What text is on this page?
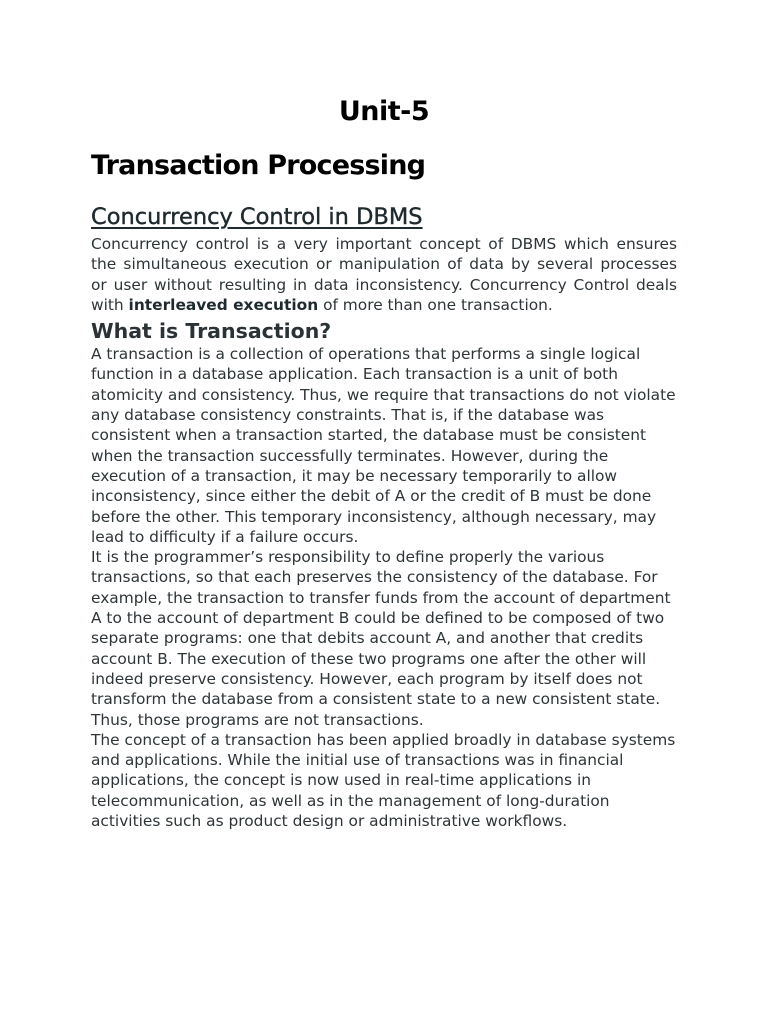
Unit-5
Transaction Processing
Concurrency Control in DBMS

Concurrency control is a very important concept of DBMS which ensures the simultaneous execution or manipulation of data by several processes or user without resulting in data inconsistency. Concurrency Control deals with interleaved execution of more than one transaction.

What is Transaction?

A transaction is a collection of operations that performs a single logical function in a database application. Each transaction is a unit of both atomicity and consistency. Thus, we require that transactions do not violate any database consistency constraints. That is, if the database was consistent when a transaction started, the database must be consistent when the transaction successfully terminates. However, during the execution of a transaction, it may be necessary temporarily to allow inconsistency, since either the debit of A or the credit of B must be done before the other. This temporary inconsistency, although necessary, may lead to difficulty if a failure occurs.

It is the programmer’s responsibility to define properly the various transactions, so that each preserves the consistency of the database. For example, the transaction to transfer funds from the account of department A to the account of department B could be defined to be composed of two separate programs: one that debits account A, and another that credits account B. The execution of these two programs one after the other will indeed preserve consistency. However, each program by itself does not transform the database from a consistent state to a new consistent state. Thus, those programs are not transactions.

The concept of a transaction has been applied broadly in database systems and applications. While the initial use of transactions was in financial applications, the concept is now used in real-time applications in telecommunication, as well as in the management of long-duration activities such as product design or administrative workflows.
